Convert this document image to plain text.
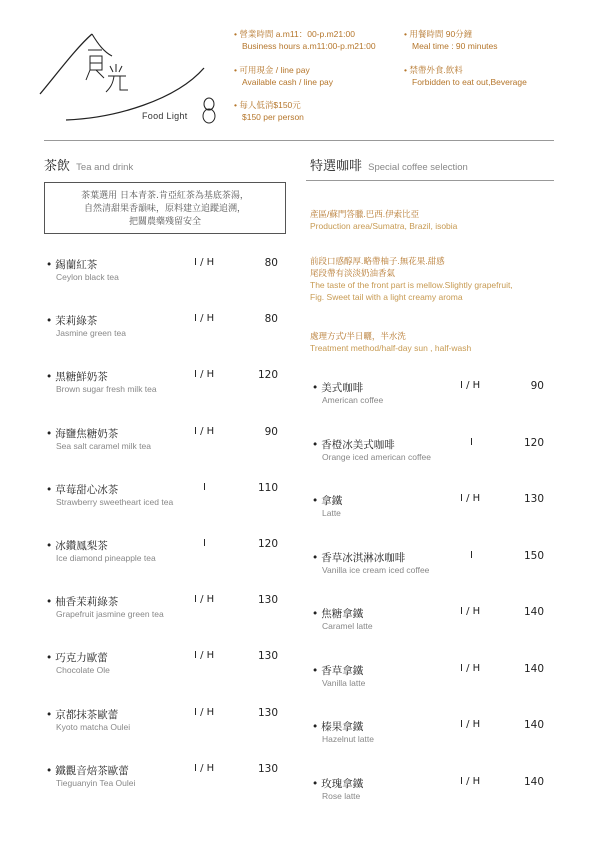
Food Light
• 營業時間 a.m11：00-p.m21:00
Business hours a.m11:00-p.m21:00
• 用餐時間 90分鐘
Meal time : 90 minutes
• 可用現金 / line pay
Available cash / line pay
• 禁帶外食.飲料
Forbidden to eat out,Beverage
• 每人低消$150元
$150 per person
茶飲 Tea and drink
茶葉選用 日本青茶.肯亞紅茶為基底茶湯，
自然清甜果香韻味，原料建立追蹤追溯，
把關農藥殘留安全
• 錫蘭紅茶
Ceylon black tea
I / H	80
• 茉莉綠茶
Jasmine green tea
I / H	80
• 黑糖鮮奶茶
Brown sugar fresh milk tea
I / H	120
• 海鹽焦糖奶茶
Sea salt caramel milk tea
I / H	90
• 草莓甜心冰茶
Strawberry sweetheart iced tea
I	110
• 冰鑽鳳梨茶
Ice diamond pineapple tea
I	120
• 柚香茉莉綠茶
Grapefruit jasmine green tea
I / H	130
• 巧克力歐蕾
Chocolate Ole
I / H	130
• 京都抹茶歐蕾
Kyoto matcha Oulei
I / H	130
• 鐵觀音焙茶歐蕾
Tieguanyin Tea Oulei
I / H	130
特選咖啡 Special coffee selection
產區/蘇門答臘.巴西.伊索比亞
Production area/Sumatra, Brazil, isobia
前段口感醇厚.略帶柚子.無花果.甜感
尾段帶有淡淡奶油香氣
The taste of the front part is mellow.Slightly grapefruit,
Fig. Sweet tail with a light creamy aroma
處理方式/半日曬，半水洗
Treatment method/half-day sun , half-wash
• 美式咖啡
American coffee
I / H	90
• 香橙冰美式咖啡
Orange iced american coffee
I	120
• 拿鐵
Latte
I / H	130
• 香草冰淇淋冰咖啡
Vanilla ice cream iced coffee
I	150
• 焦糖拿鐵
Caramel latte
I / H	140
• 香草拿鐵
Vanilla latte
I / H	140
• 榛果拿鐵
Hazelnut latte
I / H	140
• 玫瑰拿鐵
Rose latte
I / H	140
